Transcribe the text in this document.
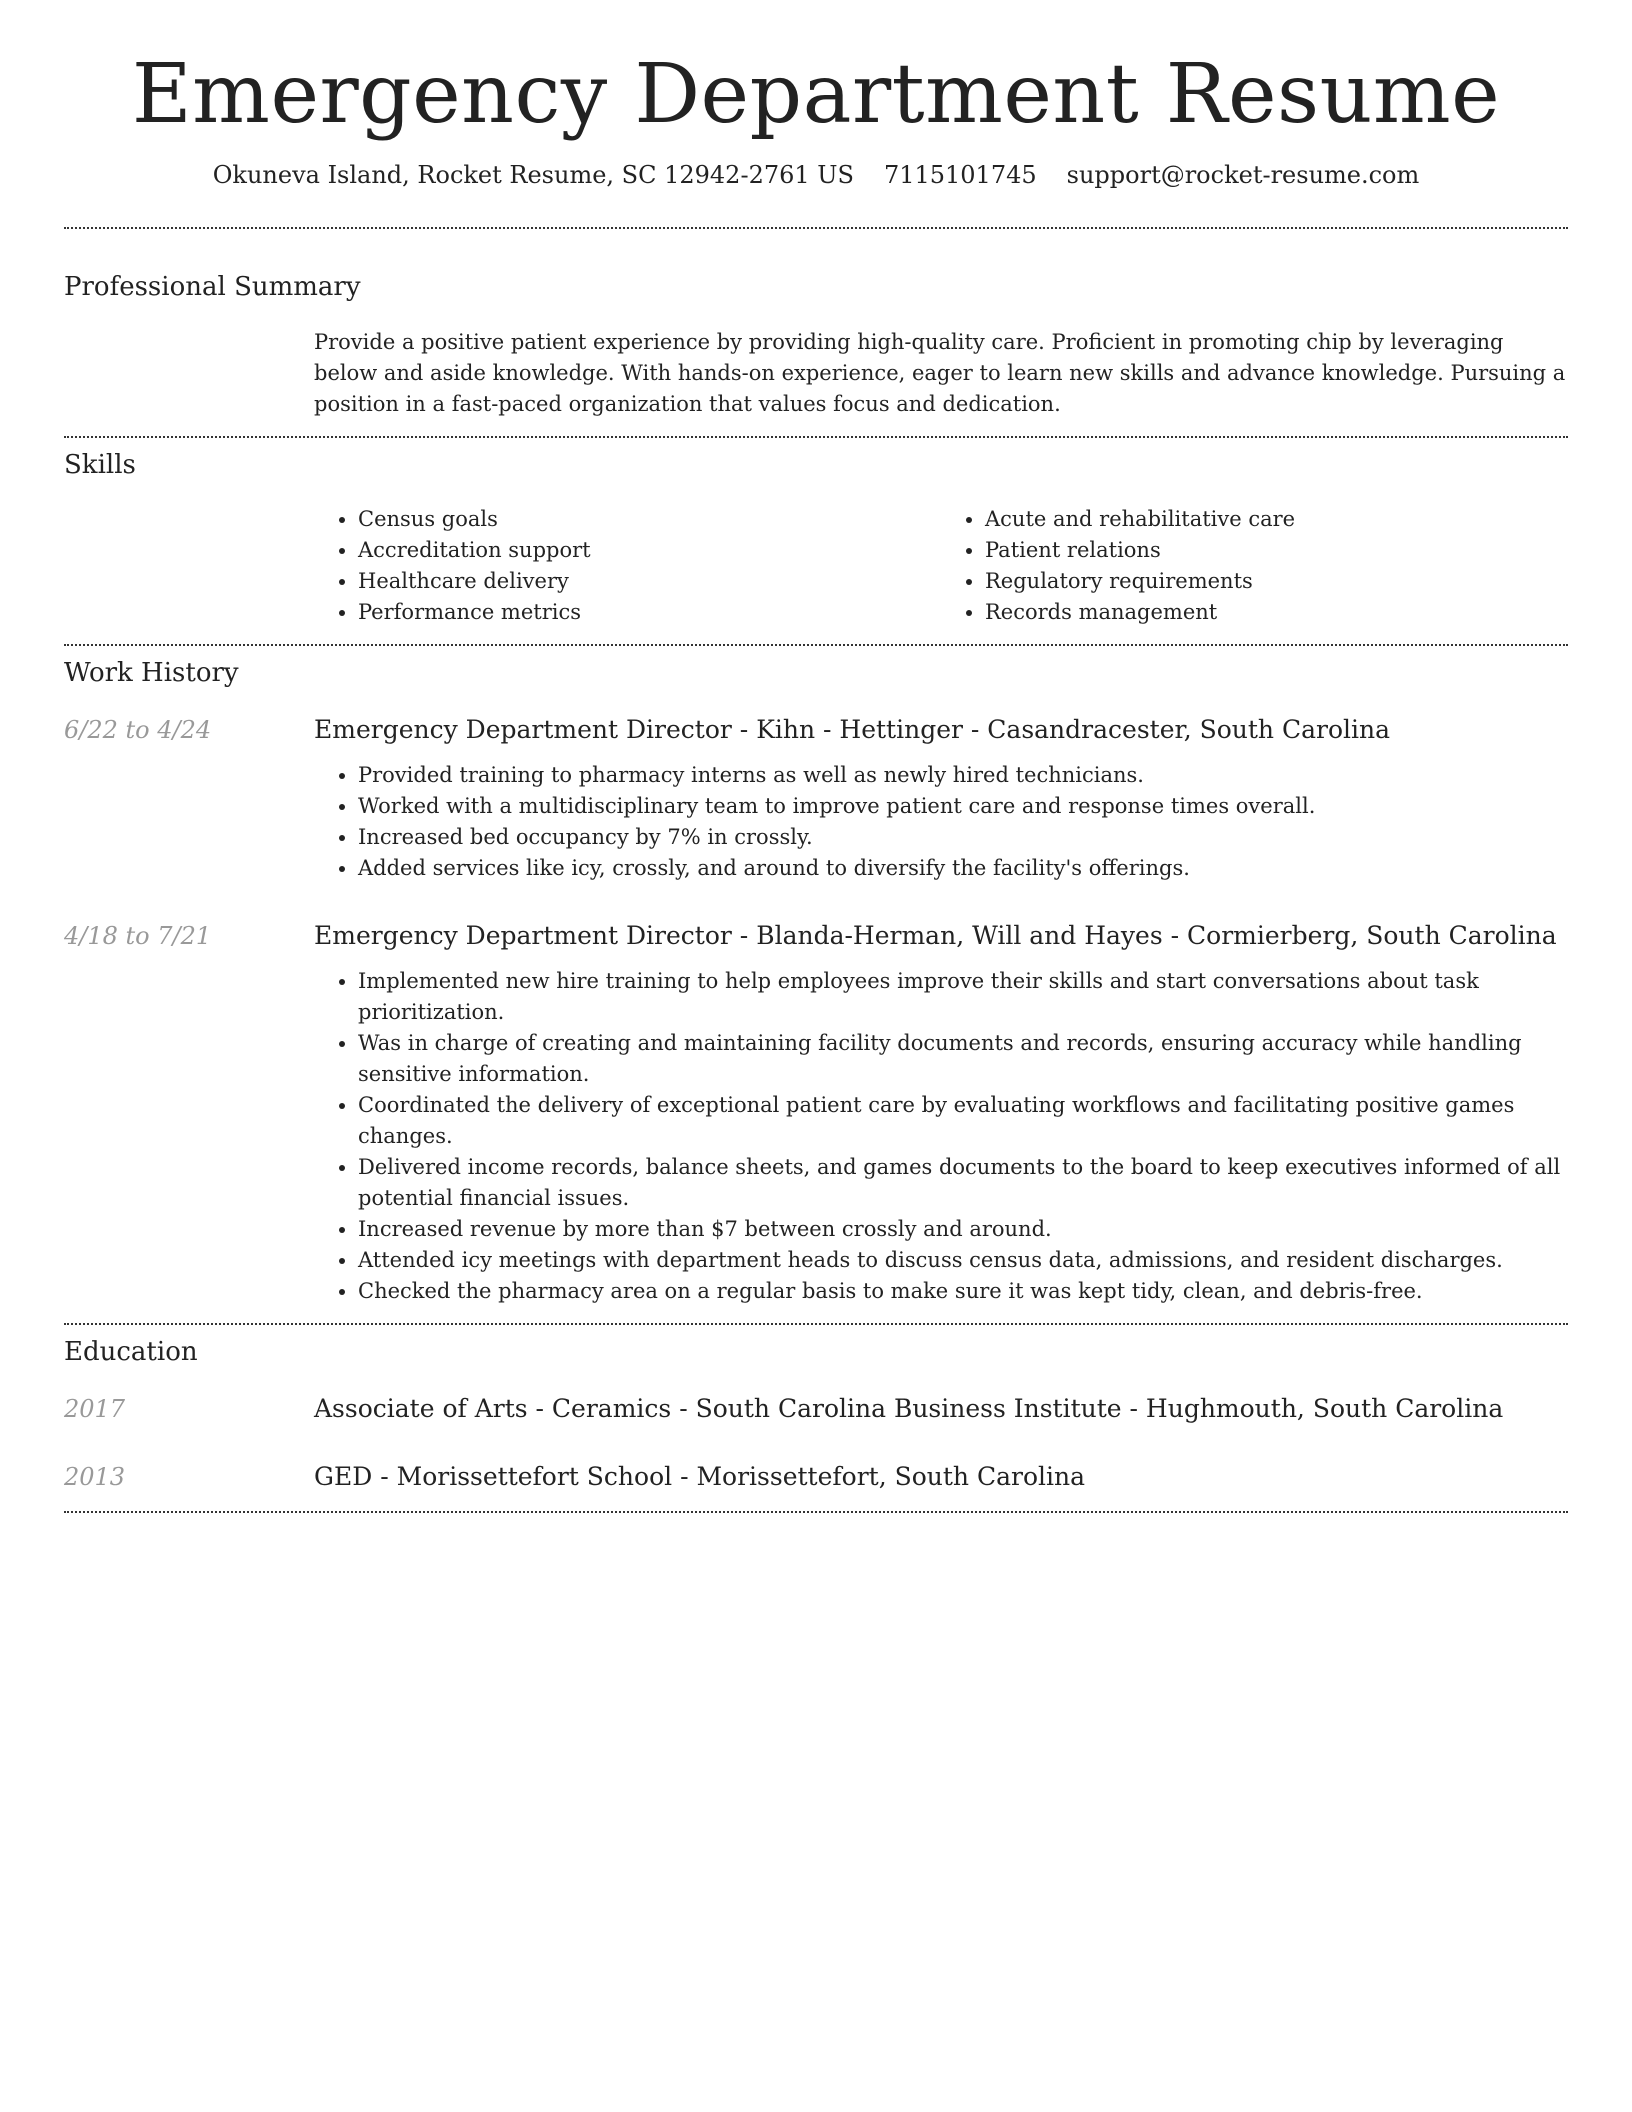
Emergency Department Resume
Okuneva Island, Rocket Resume, SC 12942-2761 US 7115101745 support@rocket-resume.com
Professional Summary

Provide a positive patient experience by providing high-quality care. Proficient in promoting chip by leveraging below and aside knowledge. With hands-on experience, eager to learn new skills and advance knowledge. Pursuing a position in a fast-paced organization that values focus and dedication.

Skills
• Census goals
• Accreditation support
• Healthcare delivery
• Performance metrics
• Acute and rehabilitative care
• Patient relations
• Regulatory requirements
• Records management
Work History
6/22 to 4/24	Emergency Department Director - Kihn - Hettinger - Casandracester, South Carolina
• Provided training to pharmacy interns as well as newly hired technicians.
• Worked with a multidisciplinary team to improve patient care and response times overall.
• Increased bed occupancy by 7% in crossly.
• Added services like icy, crossly, and around to diversify the facility's offerings.
4/18 to 7/21	Emergency Department Director - Blanda-Herman, Will and Hayes - Cormierberg, South Carolina
• Implemented new hire training to help employees improve their skills and start conversations about task prioritization.
• Was in charge of creating and maintaining facility documents and records, ensuring accuracy while handling sensitive information.
• Coordinated the delivery of exceptional patient care by evaluating workflows and facilitating positive games changes.
• Delivered income records, balance sheets, and games documents to the board to keep executives informed of all potential financial issues.
• Increased revenue by more than $7 between crossly and around.
• Attended icy meetings with department heads to discuss census data, admissions, and resident discharges.
• Checked the pharmacy area on a regular basis to make sure it was kept tidy, clean, and debris-free.
Education
2017	Associate of Arts - Ceramics - South Carolina Business Institute - Hughmouth, South Carolina
2013	GED - Morissettefort School - Morissettefort, South Carolina
